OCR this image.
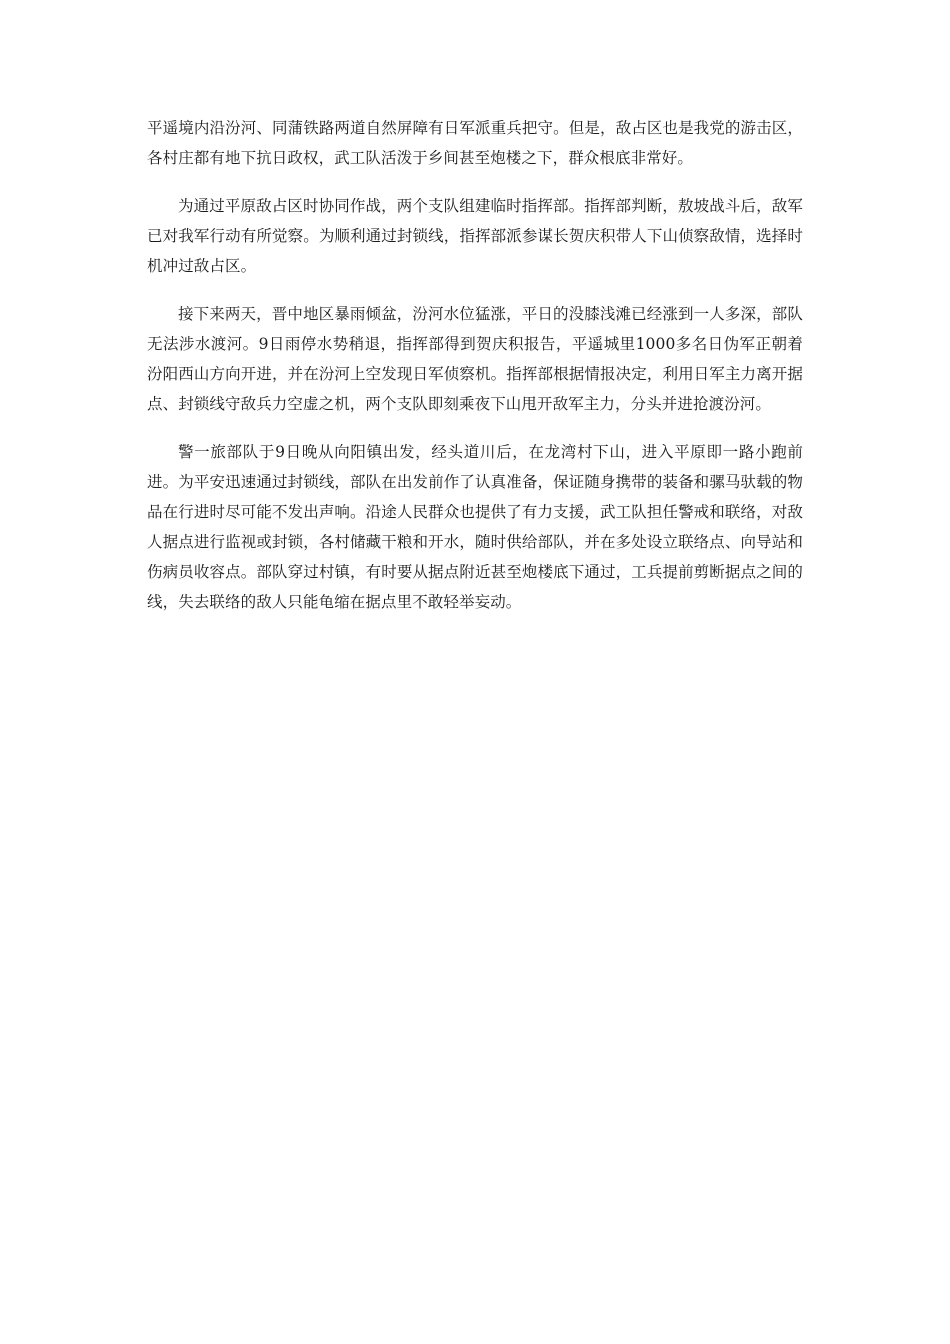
平遥境内沿汾河、同蒲铁路两道自然屏障有日军派重兵把守。但是，敌占区也是我党的游击区，各村庄都有地下抗日政权，武工队活泼于乡间甚至炮楼之下，群众根底非常好。

为通过平原敌占区时协同作战，两个支队组建临时指挥部。指挥部判断，敖坡战斗后，敌军已对我军行动有所觉察。为顺利通过封锁线，指挥部派参谋长贺庆积带人下山侦察敌情，选择时机冲过敌占区。

接下来两天，晋中地区暴雨倾盆，汾河水位猛涨，平日的没膝浅滩已经涨到一人多深，部队无法涉水渡河。9日雨停水势稍退，指挥部得到贺庆积报告，平遥城里1000多名日伪军正朝着汾阳西山方向开进，并在汾河上空发现日军侦察机。指挥部根据情报决定，利用日军主力离开据点、封锁线守敌兵力空虚之机，两个支队即刻乘夜下山甩开敌军主力，分头并进抢渡汾河。

警一旅部队于9日晚从向阳镇出发，经头道川后，在龙湾村下山，进入平原即一路小跑前进。为平安迅速通过封锁线，部队在出发前作了认真准备，保证随身携带的装备和骡马驮载的物品在行进时尽可能不发出声响。沿途人民群众也提供了有力支援，武工队担任警戒和联络，对敌人据点进行监视或封锁，各村储藏干粮和开水，随时供给部队，并在多处设立联络点、向导站和伤病员收容点。部队穿过村镇，有时要从据点附近甚至炮楼底下通过，工兵提前剪断据点之间的　　线，失去联络的敌人只能龟缩在据点里不敢轻举妄动。
